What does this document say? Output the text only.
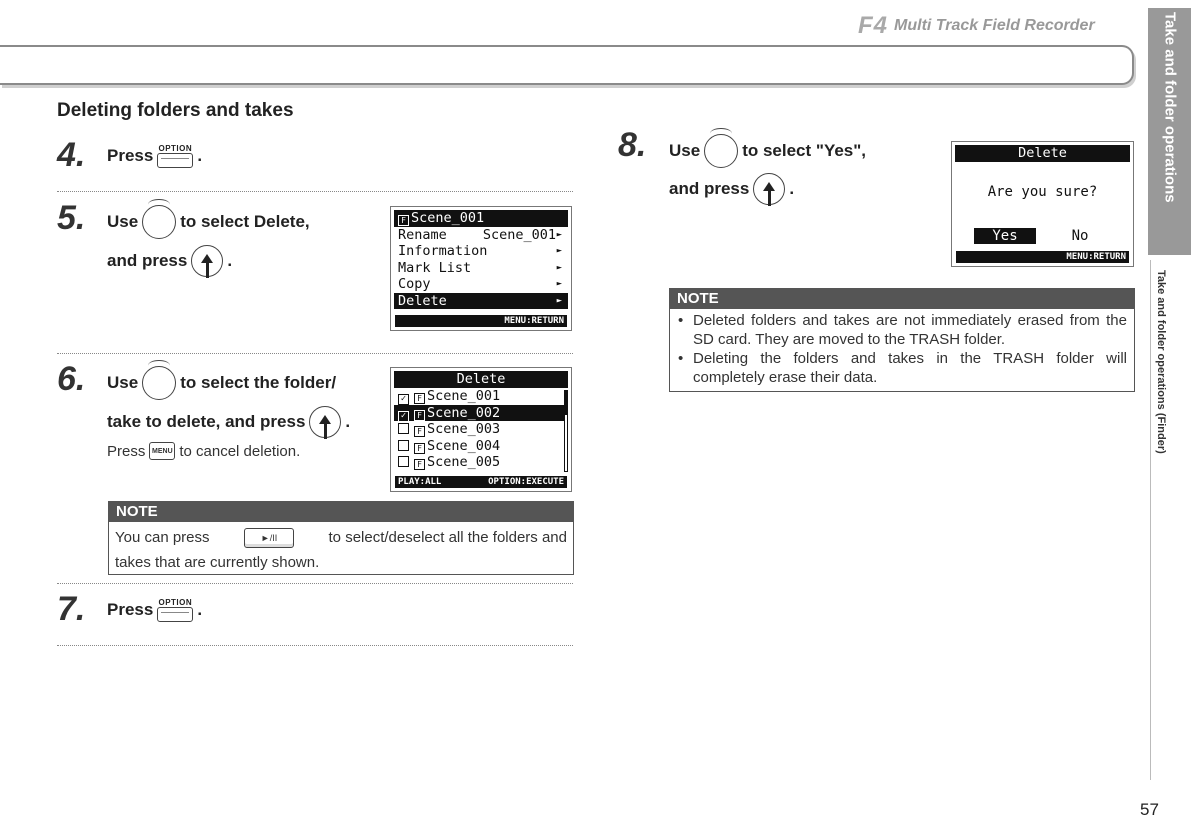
F4 Multi Track Field Recorder	Take and folder operations
Take and folder operations (Finder)
57
Deleting folders and takes
4. Press OPTION .
5. Use to select Delete,
and press .
F Scene_001
Rename	Scene_001 ►
Information	►
Mark List	►
Copy	►
Delete	►
MENU:RETURN
6. Use to select the folder/
take to delete, and press .
Press MENU to cancel deletion.
Delete
✓ F Scene_001
✓ F Scene_002
F Scene_003
F Scene_004
F Scene_005
PLAY:ALL	OPTION:EXECUTE
NOTE
You can press	►/II	to select/deselect all the folders and
takes that are currently shown.
7. Press OPTION .
8. Use to select "Yes",
and press .
Delete
Are you sure?
Yes	No
MENU:RETURN
NOTE
• Deleted folders and takes are not immediately erased from the SD card. They are moved to the TRASH folder.
• Deleting the folders and takes in the TRASH folder will completely erase their data.
